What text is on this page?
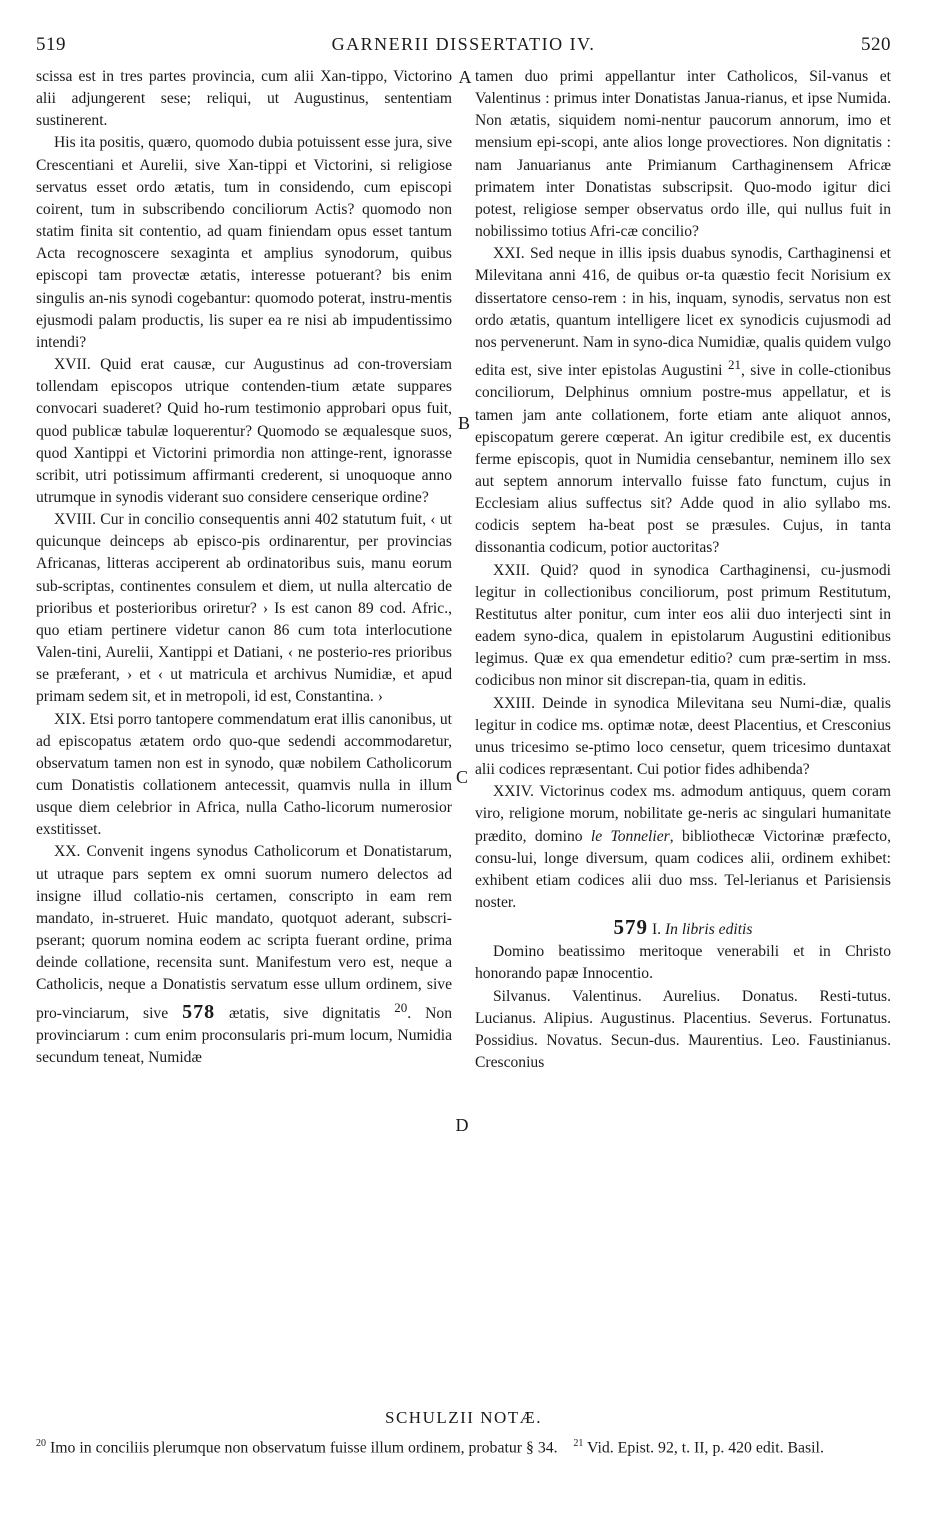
519	GARNERII DISSERTATIO IV.	520

scissa est in tres partes provincia, cum alii Xan-tippo, Victorino alii adjungerent sese; reliqui, ut Augustinus, sententiam sustinerent.

His ita positis, quæro, quomodo dubia potuissent esse jura, sive Crescentiani et Aurelii, sive Xan-tippi et Victorini, si religiose servatus esset ordo ætatis, tum in considendo, cum episcopi coirent, tum in subscribendo conciliorum Actis? quomodo non statim finita sit contentio, ad quam finiendam opus esset tantum Acta recognoscere sexaginta et amplius synodorum, quibus episcopi tam provectæ ætatis, interesse potuerant? bis enim singulis an-nis synodi cogebantur: quomodo poterat, instru-mentis ejusmodi palam productis, lis super ea re nisi ab impudentissimo intendi?

XVII. Quid erat causæ, cur Augustinus ad con-troversiam tollendam episcopos utrique contenden-tium ætate suppares convocari suaderet? Quid ho-rum testimonio approbari opus fuit, quod publicæ tabulæ loquerentur? Quomodo se æqualesque suos, quod Xantippi et Victorini primordia non attinge-rent, ignorasse scribit, utri potissimum affirmanti crederent, si unoquoque anno utrumque in synodis viderant suo considere censerique ordine?

XVIII. Cur in concilio consequentis anni 402 statutum fuit, ‹ ut quicunque deinceps ab episco-pis ordinarentur, per provincias Africanas, litteras acciperent ab ordinatoribus suis, manu eorum sub-scriptas, continentes consulem et diem, ut nulla altercatio de prioribus et posterioribus oriretur? › Is est canon 89 cod. Afric., quo etiam pertinere videtur canon 86 cum tota interlocutione Valen-tini, Aurelii, Xantippi et Datiani, ‹ ne posterio-res prioribus se præferant, › et ‹ ut matricula et archivus Numidiæ, et apud primam sedem sit, et in metropoli, id est, Constantina. ›

XIX. Etsi porro tantopere commendatum erat illis canonibus, ut ad episcopatus ætatem ordo quo-que sedendi accommodaretur, observatum tamen non est in synodo, quæ nobilem Catholicorum cum Donatistis collationem antecessit, quamvis nulla in illum usque diem celebrior in Africa, nulla Catho-licorum numerosior exstitisset.

XX. Convenit ingens synodus Catholicorum et Donatistarum, ut utraque pars septem ex omni suorum numero delectos ad insigne illud collatio-nis certamen, conscripto in eam rem mandato, in-strueret. Huic mandato, quotquot aderant, subscri-pserant; quorum nomina eodem ac scripta fuerant ordine, prima deinde collatione, recensita sunt. Manifestum vero est, neque a Catholicis, neque a Donatistis servatum esse ullum ordinem, sive pro-vinciarum, sive 578 ætatis, sive dignitatis $^{20}$. Non provinciarum : cum enim proconsularis pri-mum locum, Numidia secundum teneat, Numidæ

A
B
C
D

tamen duo primi appellantur inter Catholicos, Sil-vanus et Valentinus : primus inter Donatistas Janua-rianus, et ipse Numida. Non ætatis, siquidem nomi-nentur paucorum annorum, imo et mensium epi-scopi, ante alios longe provectiores. Non dignitatis : nam Januarianus ante Primianum Carthaginensem Africæ primatem inter Donatistas subscripsit. Quo-modo igitur dici potest, religiose semper observatus ordo ille, qui nullus fuit in nobilissimo totius Afri-cæ concilio?

XXI. Sed neque in illis ipsis duabus synodis, Carthaginensi et Milevitana anni 416, de quibus or-ta quæstio fecit Norisium ex dissertatore censo-rem : in his, inquam, synodis, servatus non est ordo ætatis, quantum intelligere licet ex synodicis cujusmodi ad nos pervenerunt. Nam in syno-dica Numidiæ, qualis quidem vulgo edita est, sive inter epistolas Augustini $^{21}$, sive in colle-ctionibus conciliorum, Delphinus omnium postre-mus appellatur, et is tamen jam ante collationem, forte etiam ante aliquot annos, episcopatum gerere cœperat. An igitur credibile est, ex ducentis ferme episcopis, quot in Numidia censebantur, neminem illo sex aut septem annorum intervallo fuisse fato functum, cujus in Ecclesiam alius suffectus sit? Adde quod in alio syllabo ms. codicis septem ha-beat post se præsules. Cujus, in tanta dissonantia codicum, potior auctoritas?

XXII. Quid? quod in synodica Carthaginensi, cu-jusmodi legitur in collectionibus conciliorum, post primum Restitutum, Restitutus alter ponitur, cum inter eos alii duo interjecti sint in eadem syno-dica, qualem in epistolarum Augustini editionibus legimus. Quæ ex qua emendetur editio? cum præ-sertim in mss. codicibus non minor sit discrepan-tia, quam in editis.

XXIII. Deinde in synodica Milevitana seu Numi-diæ, qualis legitur in codice ms. optimæ notæ, deest Placentius, et Cresconius unus tricesimo se-ptimo loco censetur, quem tricesimo duntaxat alii codices repræsentant. Cui potior fides adhibenda?

XXIV. Victorinus codex ms. admodum antiquus, quem coram viro, religione morum, nobilitate ge-neris ac singulari humanitate prædito, domino le Tonnelier, bibliothecæ Victorinæ præfecto, consu-lui, longe diversum, quam codices alii, ordinem exhibet: exhibent etiam codices alii duo mss. Tel-lerianus et Parisiensis noster.

579 I. In libris editis

Domino beatissimo meritoque venerabili et in Christo honorando papæ Innocentio.

Silvanus. Valentinus. Aurelius. Donatus. Resti-tutus. Lucianus. Alipius. Augustinus. Placentius. Severus. Fortunatus. Possidius. Novatus. Secun-dus. Maurentius. Leo. Faustinianus. Cresconius

SCHULZII NOTÆ.
$^{20}$ Imo in conciliis plerumque non observatum fuisse illum ordinem, probatur § 34. $^{21}$ Vid. Epist. 92, t. II, p. 420 edit. Basil.
